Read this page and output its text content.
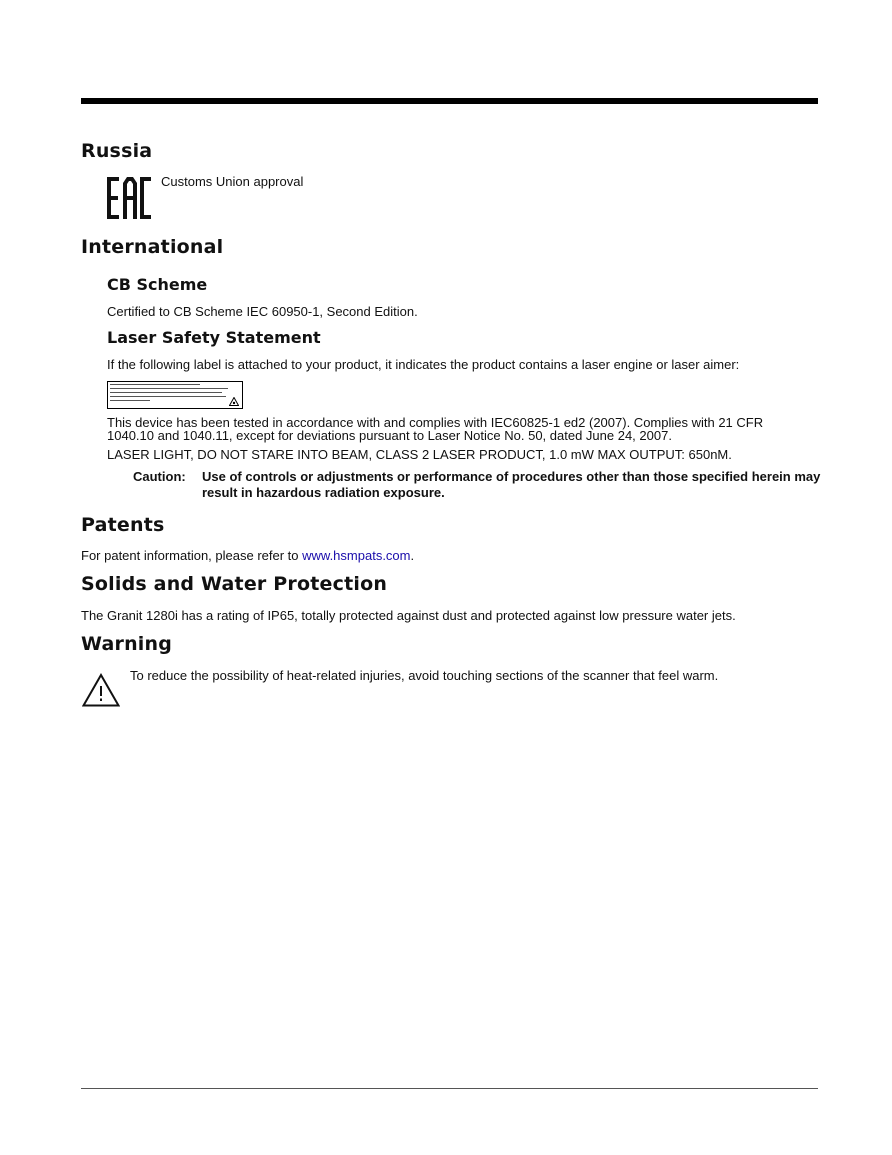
Russia

Customs Union approval

International
CB Scheme

Certified to CB Scheme IEC 60950-1, Second Edition.

Laser Safety Statement

If the following label is attached to your product, it indicates the product contains a laser engine or laser aimer:

This device has been tested in accordance with and complies with IEC60825-1 ed2 (2007). Complies with 21 CFR

1040.10 and 1040.11, except for deviations pursuant to Laser Notice No. 50, dated June 24, 2007.

LASER LIGHT, DO NOT STARE INTO BEAM, CLASS 2 LASER PRODUCT, 1.0 mW MAX OUTPUT: 650nM.

Caution: Use of controls or adjustments or performance of procedures other than those specified herein may

result in hazardous radiation exposure.

Patents

For patent information, please refer to www.hsmpats.com.

Solids and Water Protection

The Granit 1280i has a rating of IP65, totally protected against dust and protected against low pressure water jets.

Warning

To reduce the possibility of heat-related injuries, avoid touching sections of the scanner that feel warm.
